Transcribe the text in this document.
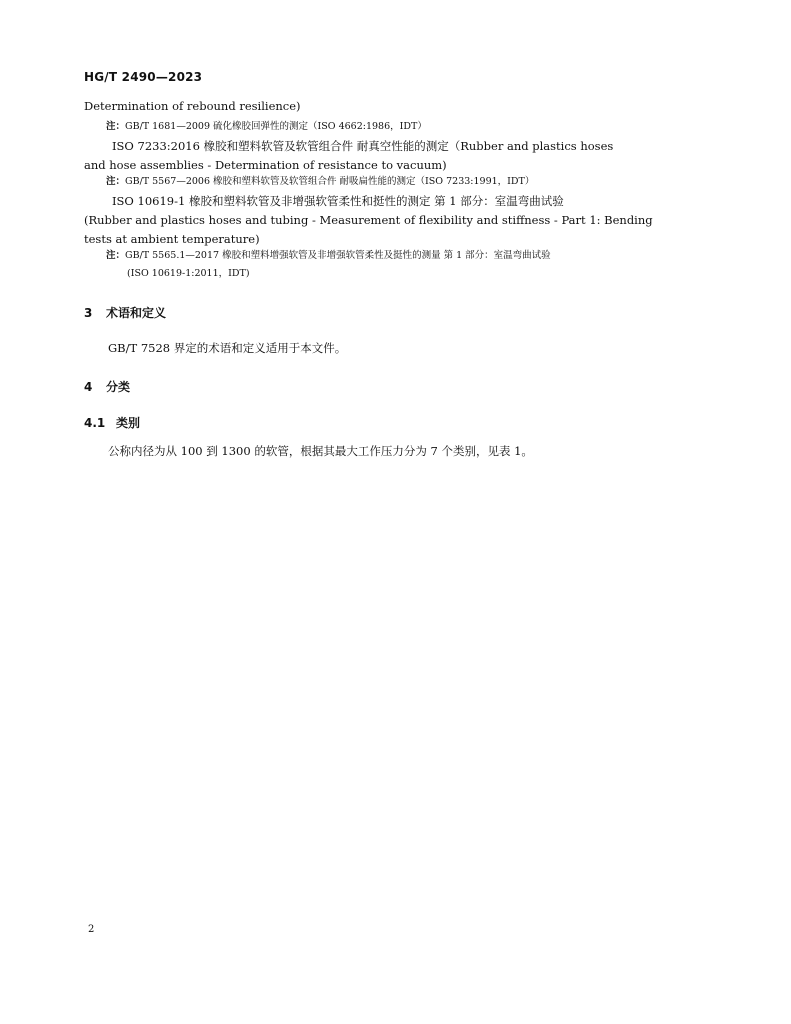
HG/T 2490—2023
Determination of rebound resilience)
注：GB/T 1681—2009 硫化橡胶回弹性的测定（ISO 4662:1986，IDT）
ISO 7233:2016 橡胶和塑料软管及软管组合件 耐真空性能的测定（Rubber and plastics hoses
and hose assemblies - Determination of resistance to vacuum)
注：GB/T 5567—2006 橡胶和塑料软管及软管组合件 耐吸扁性能的测定（ISO 7233:1991，IDT）
ISO 10619-1 橡胶和塑料软管及非增强软管柔性和挺性的测定 第 1 部分：室温弯曲试验
(Rubber and plastics hoses and tubing - Measurement of flexibility and stiffness - Part 1: Bending
tests at ambient temperature)
注：GB/T 5565.1—2017 橡胶和塑料增强软管及非增强软管柔性及挺性的测量 第 1 部分：室温弯曲试验
(ISO 10619-1:2011，IDT)
3 术语和定义
GB/T 7528 界定的术语和定义适用于本文件。
4 分类
4.1 类别
公称内径为从 100 到 1300 的软管，根据其最大工作压力分为 7 个类别，见表 1。
2
